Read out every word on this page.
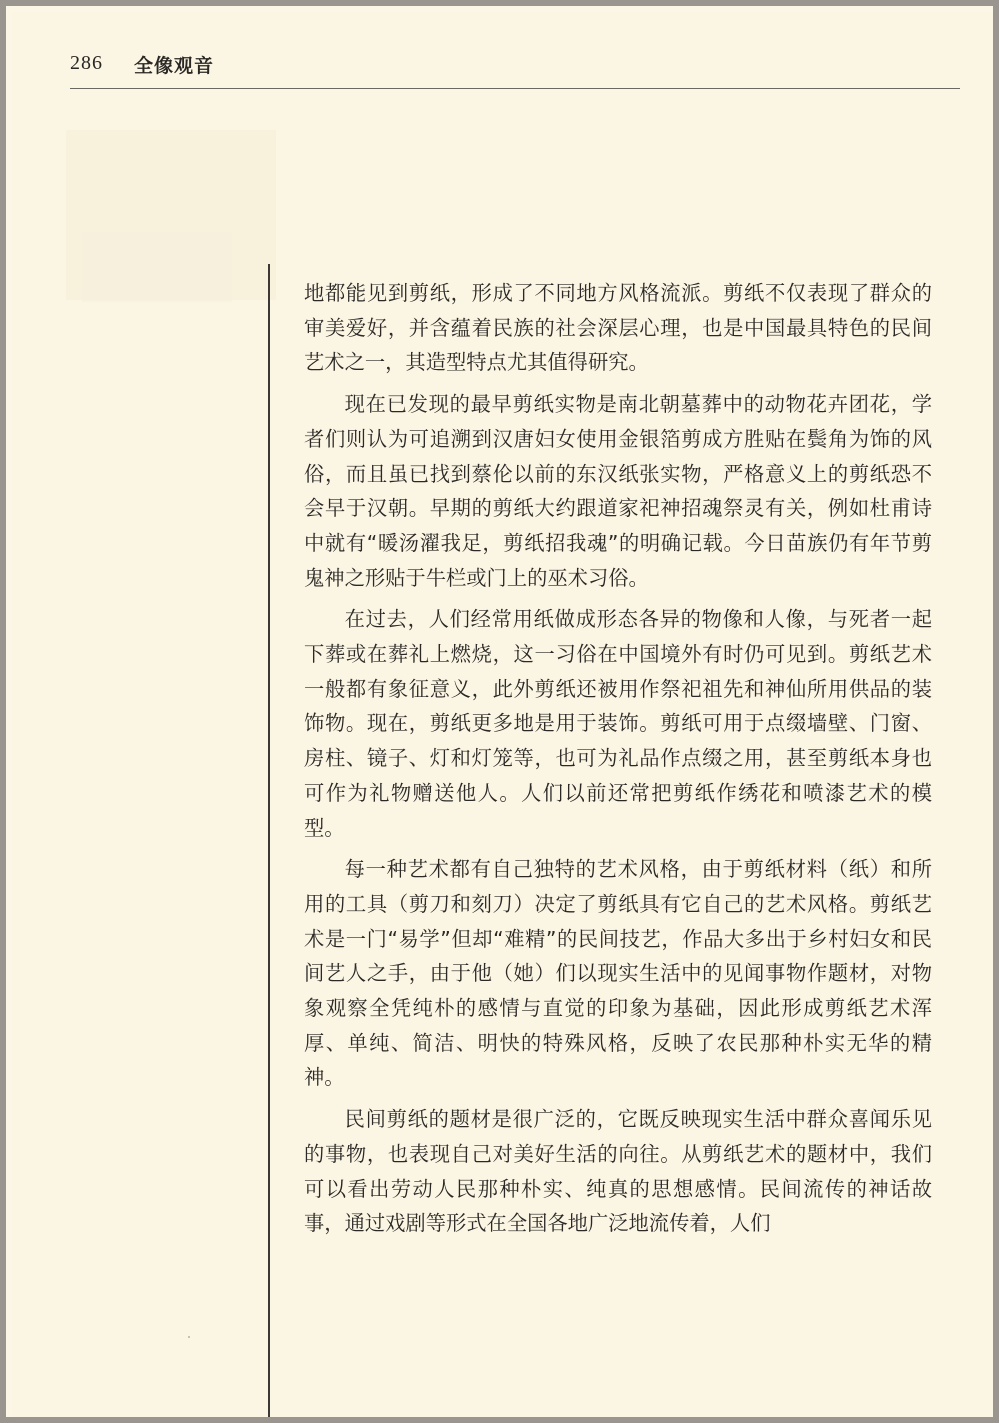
286 全像观音

地都能见到剪纸，形成了不同地方风格流派。剪纸不仅表现了群众的审美爱好，并含蕴着民族的社会深层心理，也是中国最具特色的民间艺术之一，其造型特点尤其值得研究。

现在已发现的最早剪纸实物是南北朝墓葬中的动物花卉团花，学者们则认为可追溯到汉唐妇女使用金银箔剪成方胜贴在鬓角为饰的风俗，而且虽已找到蔡伦以前的东汉纸张实物，严格意义上的剪纸恐不会早于汉朝。早期的剪纸大约跟道家祀神招魂祭灵有关，例如杜甫诗中就有“暖汤濯我足，剪纸招我魂”的明确记载。今日苗族仍有年节剪鬼神之形贴于牛栏或门上的巫术习俗。

在过去，人们经常用纸做成形态各异的物像和人像，与死者一起下葬或在葬礼上燃烧，这一习俗在中国境外有时仍可见到。剪纸艺术一般都有象征意义，此外剪纸还被用作祭祀祖先和神仙所用供品的装饰物。现在，剪纸更多地是用于装饰。剪纸可用于点缀墙壁、门窗、房柱、镜子、灯和灯笼等，也可为礼品作点缀之用，甚至剪纸本身也可作为礼物赠送他人。人们以前还常把剪纸作绣花和喷漆艺术的模型。

每一种艺术都有自己独特的艺术风格，由于剪纸材料（纸）和所用的工具（剪刀和刻刀）决定了剪纸具有它自己的艺术风格。剪纸艺术是一门“易学”但却“难精”的民间技艺，作品大多出于乡村妇女和民间艺人之手，由于他（她）们以现实生活中的见闻事物作题材，对物象观察全凭纯朴的感情与直觉的印象为基础，因此形成剪纸艺术浑厚、单纯、简洁、明快的特殊风格，反映了农民那种朴实无华的精神。

民间剪纸的题材是很广泛的，它既反映现实生活中群众喜闻乐见的事物，也表现自己对美好生活的向往。从剪纸艺术的题材中，我们可以看出劳动人民那种朴实、纯真的思想感情。民间流传的神话故事，通过戏剧等形式在全国各地广泛地流传着，人们
